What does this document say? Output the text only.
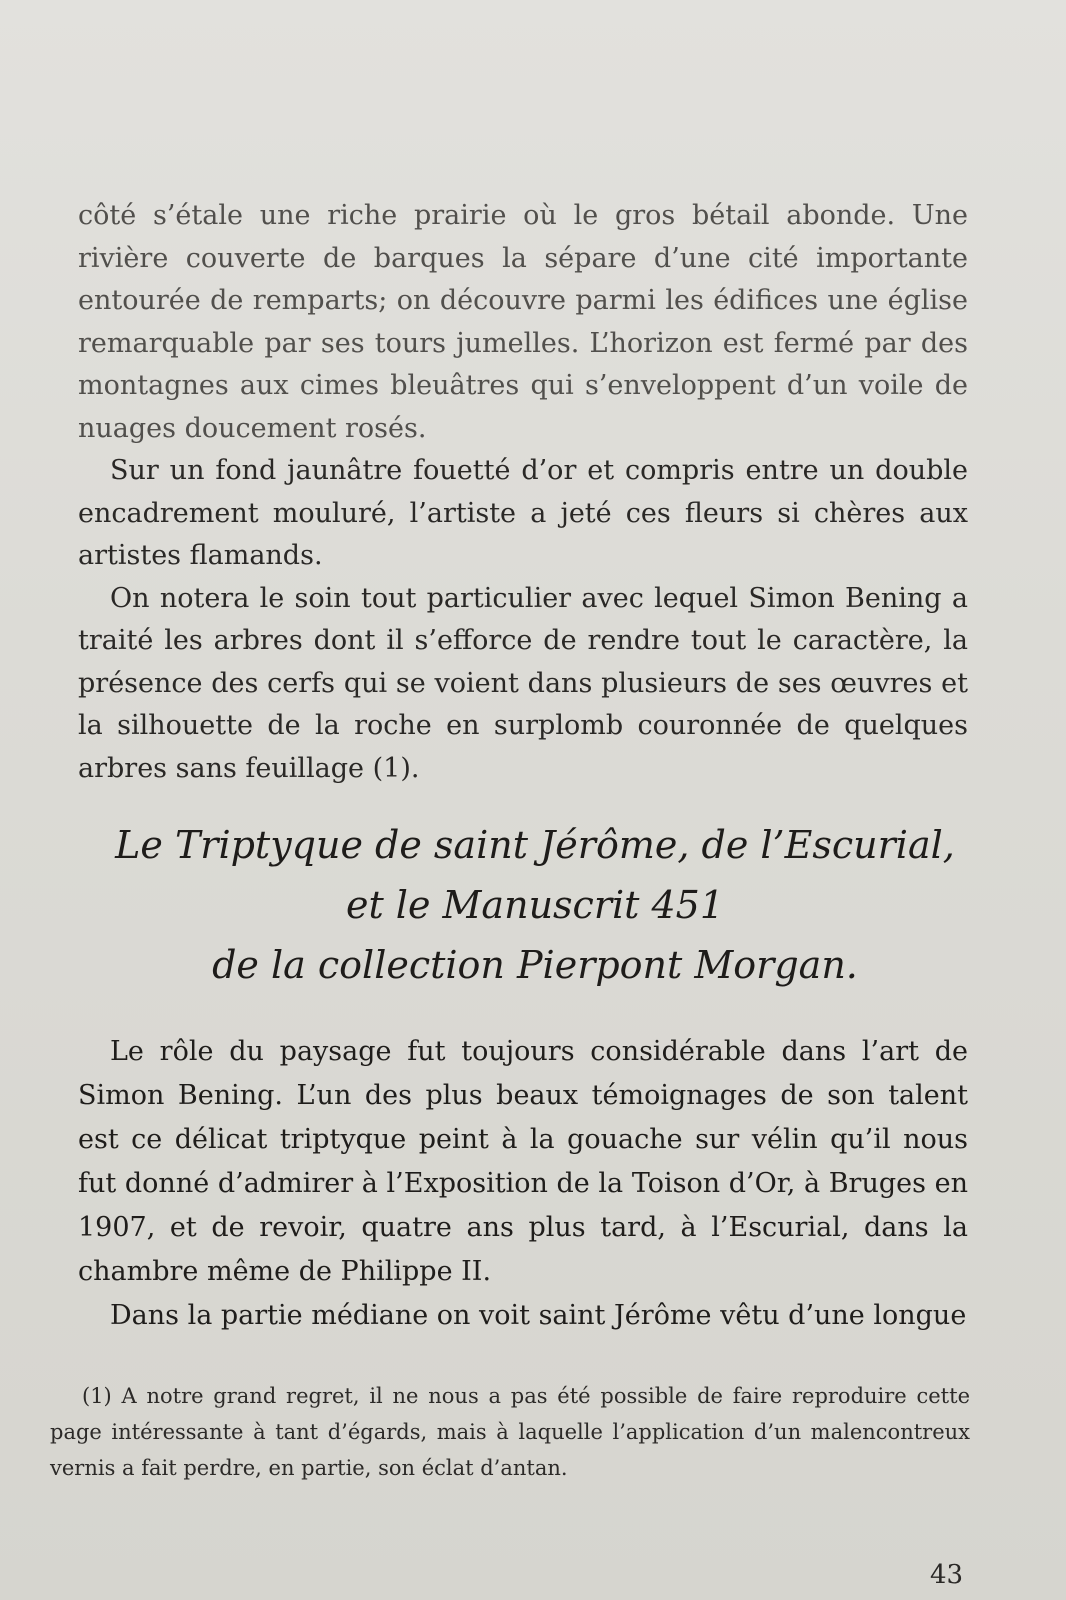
côté s’étale une riche prairie où le gros bétail abonde. Une rivière couverte de barques la sépare d’une cité importante entourée de remparts; on découvre parmi les édifices une église remarquable par ses tours jumelles. L’horizon est fermé par des montagnes aux cimes bleuâtres qui s’enveloppent d’un voile de nuages doucement rosés.

Sur un fond jaunâtre fouetté d’or et compris entre un double encadrement mouluré, l’artiste a jeté ces fleurs si chères aux artistes flamands.

On notera le soin tout particulier avec lequel Simon Bening a traité les arbres dont il s’efforce de rendre tout le caractère, la présence des cerfs qui se voient dans plusieurs de ses œuvres et la silhouette de la roche en surplomb couronnée de quelques arbres sans feuillage (1).

Le Triptyque de saint Jérôme, de l’Escurial,
et le Manuscrit 451
de la collection Pierpont Morgan.

Le rôle du paysage fut toujours considérable dans l’art de Simon Bening. L’un des plus beaux témoignages de son talent est ce délicat triptyque peint à la gouache sur vélin qu’il nous fut donné d’admirer à l’Exposition de la Toison d’Or, à Bruges en 1907, et de revoir, quatre ans plus tard, à l’Escurial, dans la chambre même de Philippe II.

Dans la partie médiane on voit saint Jérôme vêtu d’une longue

(1) A notre grand regret, il ne nous a pas été possible de faire reproduire cette page intéressante à tant d’égards, mais à laquelle l’application d’un malencontreux vernis a fait perdre, en partie, son éclat d’antan.

43
